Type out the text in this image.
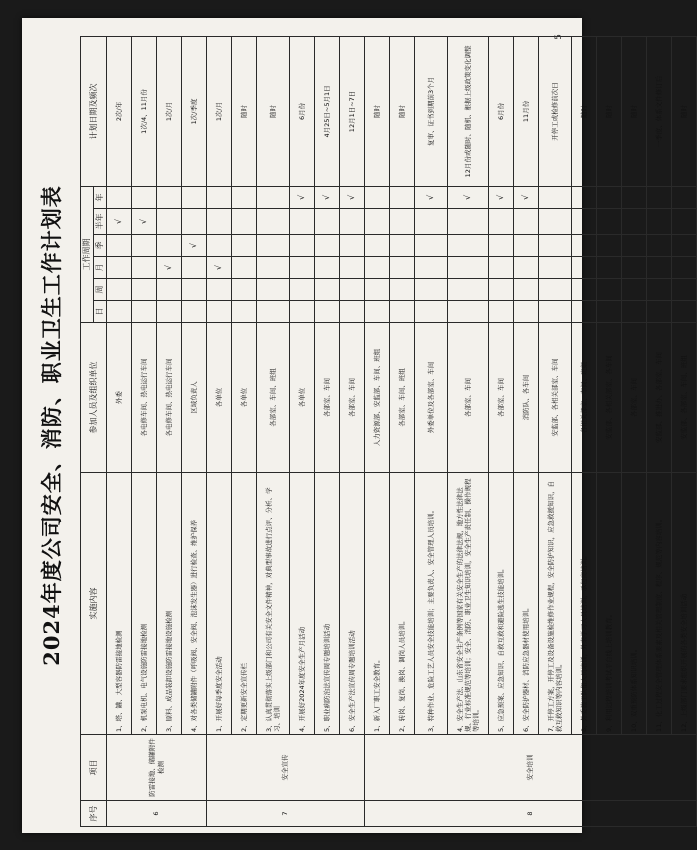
2024年度公司安全、消防、职业卫生工作计划表
序号	项目	实施内容	参加人员及组织单位	工作周期						计划日期及频次
				日	周	月	季	半年	年	
6	防雷接地、储罐附件检测	1、塔、罐、大型容器防雷接地检测	外委					√		2次/年
		2、机泵电机、电气设施防雷接地检测	各电修车间、热电运行车间					√		1次/4、11月份
		3、原料、成品装卸设施防雷接地设施检测	各电修车间、热电运行车间			√				1次/月
		4、对各类储罐附件（呼吸阀、安全阀、泡沫发生器）进行检查、维护保养	区域负责人				√			1次/季度
7	安全宣传	1、开展好每季度安全活动	各单位			√				1次/月
		2、定期更新安全宣传栏	各单位							随时
		3、认真贯彻落实上级部门和公司有关安全文件精神，对典型事故进行点评、分析、学习、培训	各部室、车间、班组							随时
		4、开展好2024年度安全生产月活动	各单位						√	6月份
		5、职业病防治法宣传周专题培训活动	各部室、车间						√	4月25日~5月1日
		6、安全生产法宣传周专题培训活动	各部室、车间						√	12月1日~7日
8	安全培训	1、新入厂职工安全教育。	人力资源部、安监部、车间、班组							随时
		2、转岗、复岗、换岗、调岗人员培训。	各部室、车间、班组							随时
		3、特种作业、危险工艺人员安全技能培训；主要负责人、安全管理人员培训。	外委单位及各部室、车间						√	复审、证书到期前3个月
		4、安全生产法、山东省安全生产条例等国家有关安全生产的法律法规，地方性法律法规、行业标准规范等培训；安全、消防、职业卫生知识培训，安全生产责任制、操作规程等培训。	各部室、车间						√	12月份或随时、随机、根据上级政策变化调整
		5、应急预案、应急知识、自救互救和避险逃生技能培训。	各部室、车间						√	6月份
		6、安全防护器材、消防应急器材使用培训。	消防队、各车间						√	11月份
		7、开停工方案，开停工及设备设施检维修作业规程，安全防护知识，应急救援知识，自救互救知识等内容培训。	安监部、各相关部室、车间							开停工或检修前次日
		8、外委施工队伍人员培训，外来学习人员培训，承包商培训。	各相关部室、车间、班组							随时
		9、利用远程培训考试平台线上培训教育。	安监部、各相关部室、各车间							随时
		10、双重预防体系知识培训。	各部室、车间							随时
		11、化工过程安全管理体系要素及相关管理制度、程序、规范等内容培训。	安监部、推进办、各部室、车间							一季度、体系文件修订后
		12、上级部门要求组织开展的各类安全培训活动	安监部、各部室、车间、班组							随时
5
